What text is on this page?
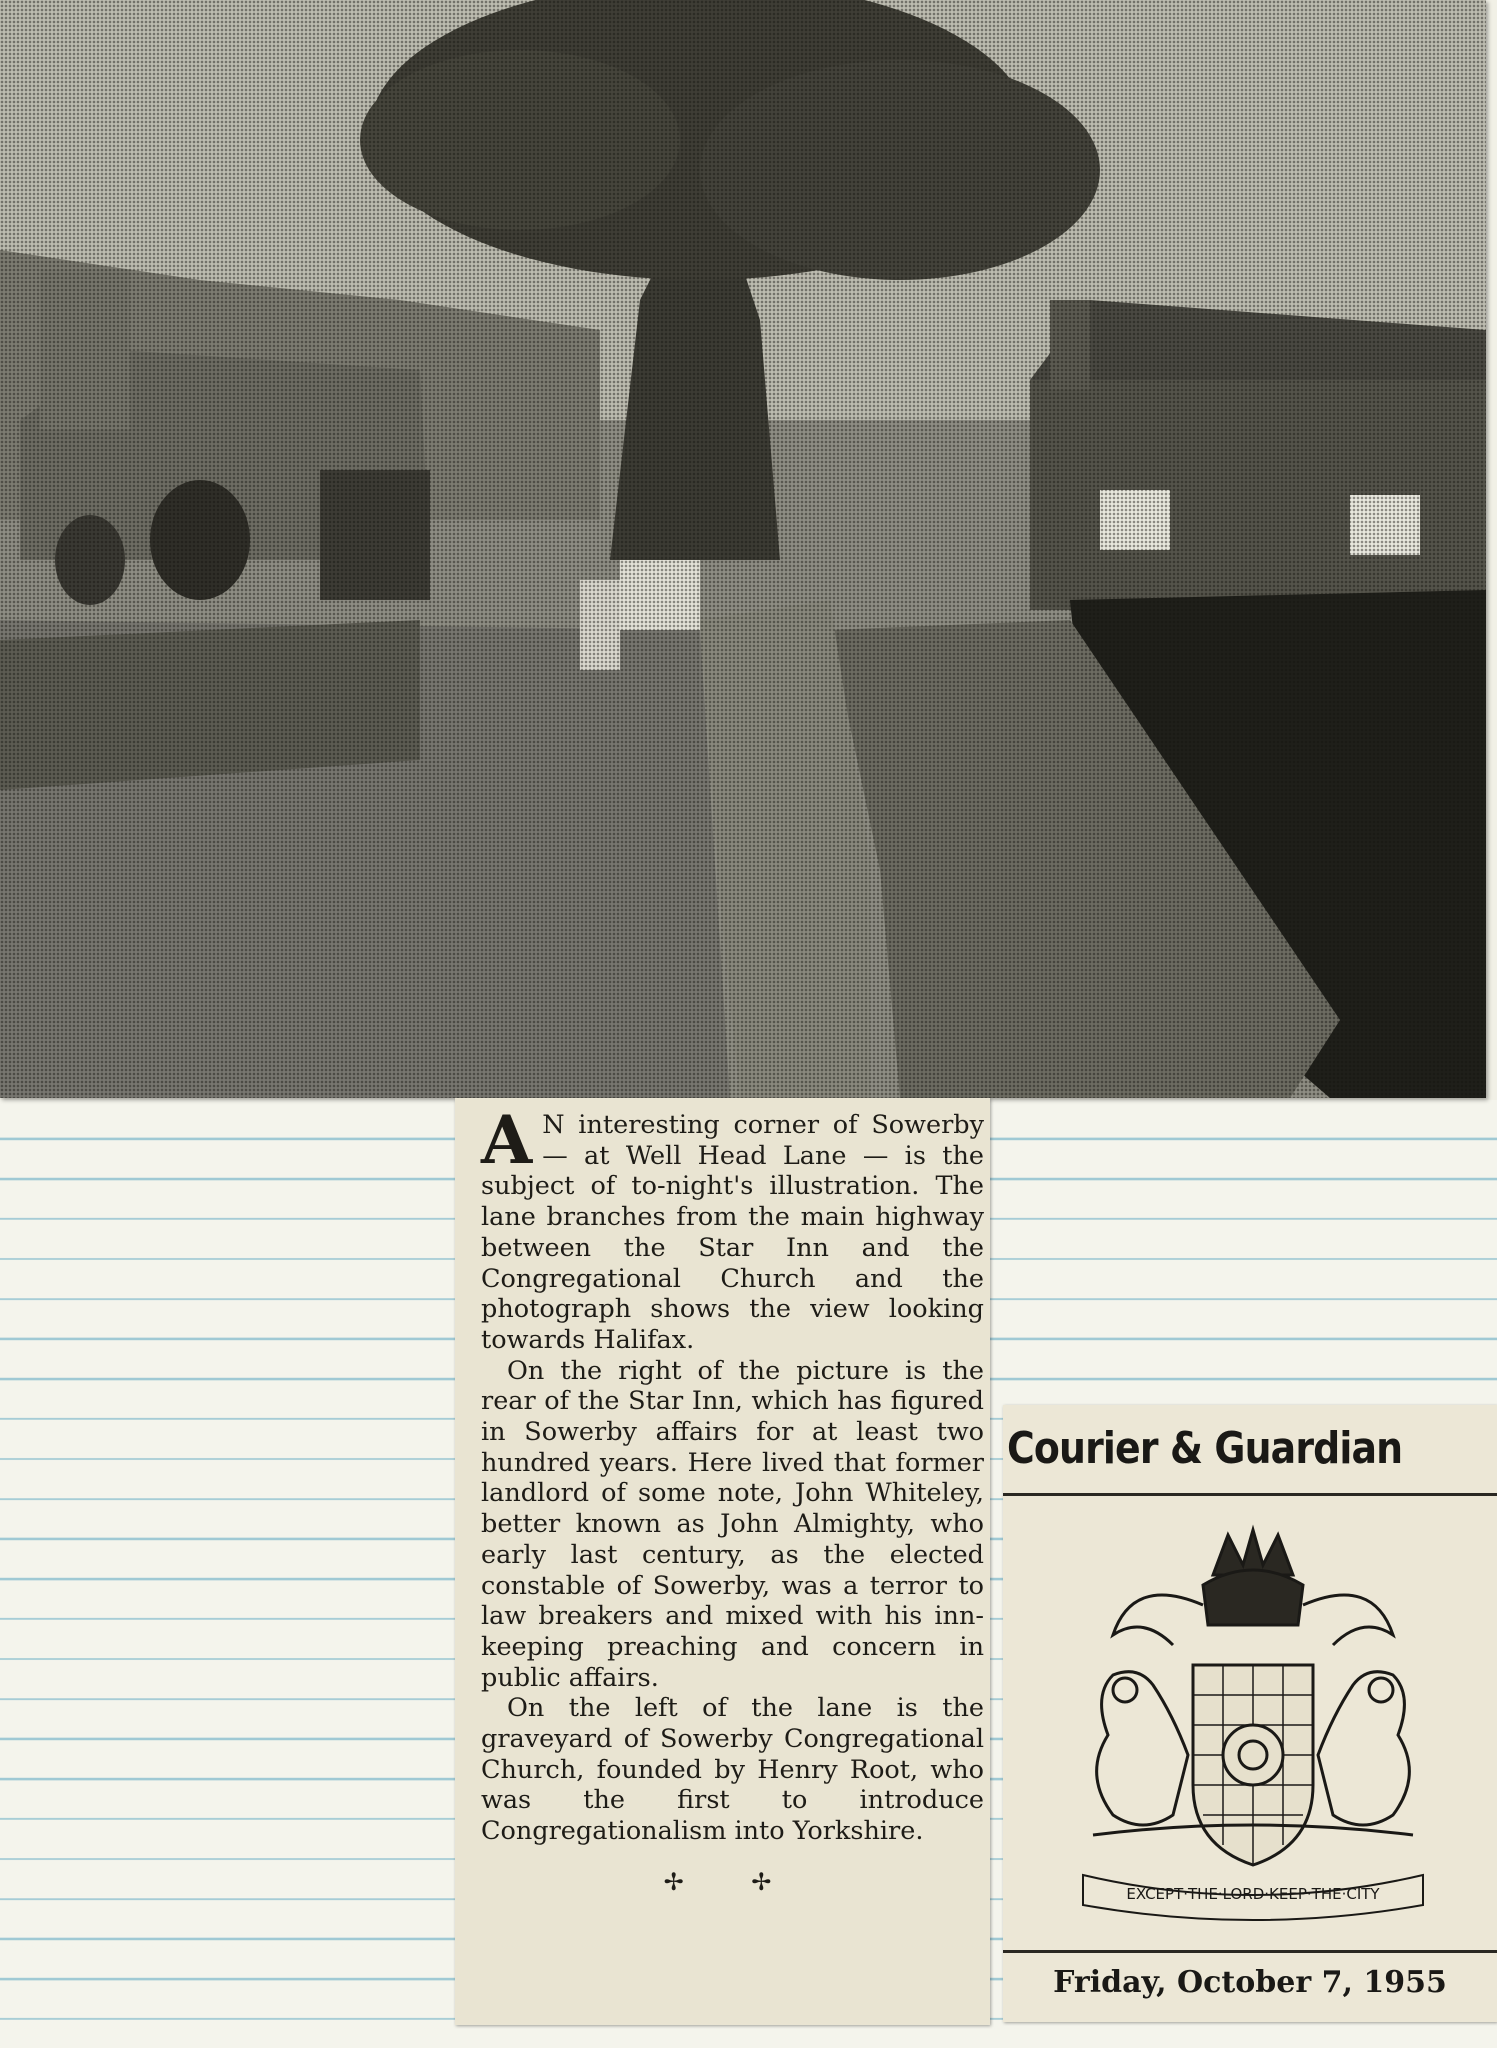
A N interesting corner of Sowerby — at Well Head Lane — is the subject of to-night's illustration. The lane branches from the main highway between the Star Inn and the Congregational Church and the photograph shows the view looking towards Halifax.

On the right of the picture is the rear of the Star Inn, which has figured in Sowerby affairs for at least two hundred years. Here lived that former landlord of some note, John Whiteley, better known as John Almighty, who early last century, as the elected constable of Sowerby, was a terror to law breakers and mixed with his inn-keeping preaching and concern in public affairs.

On the left of the lane is the graveyard of Sowerby Congregational Church, founded by Henry Root, who was the first to introduce Congregationalism into Yorkshire.

✢ ✢
Courier & Guardian
EXCEPT·THE·LORD·KEEP·THE·CITY
Friday, October 7, 1955
